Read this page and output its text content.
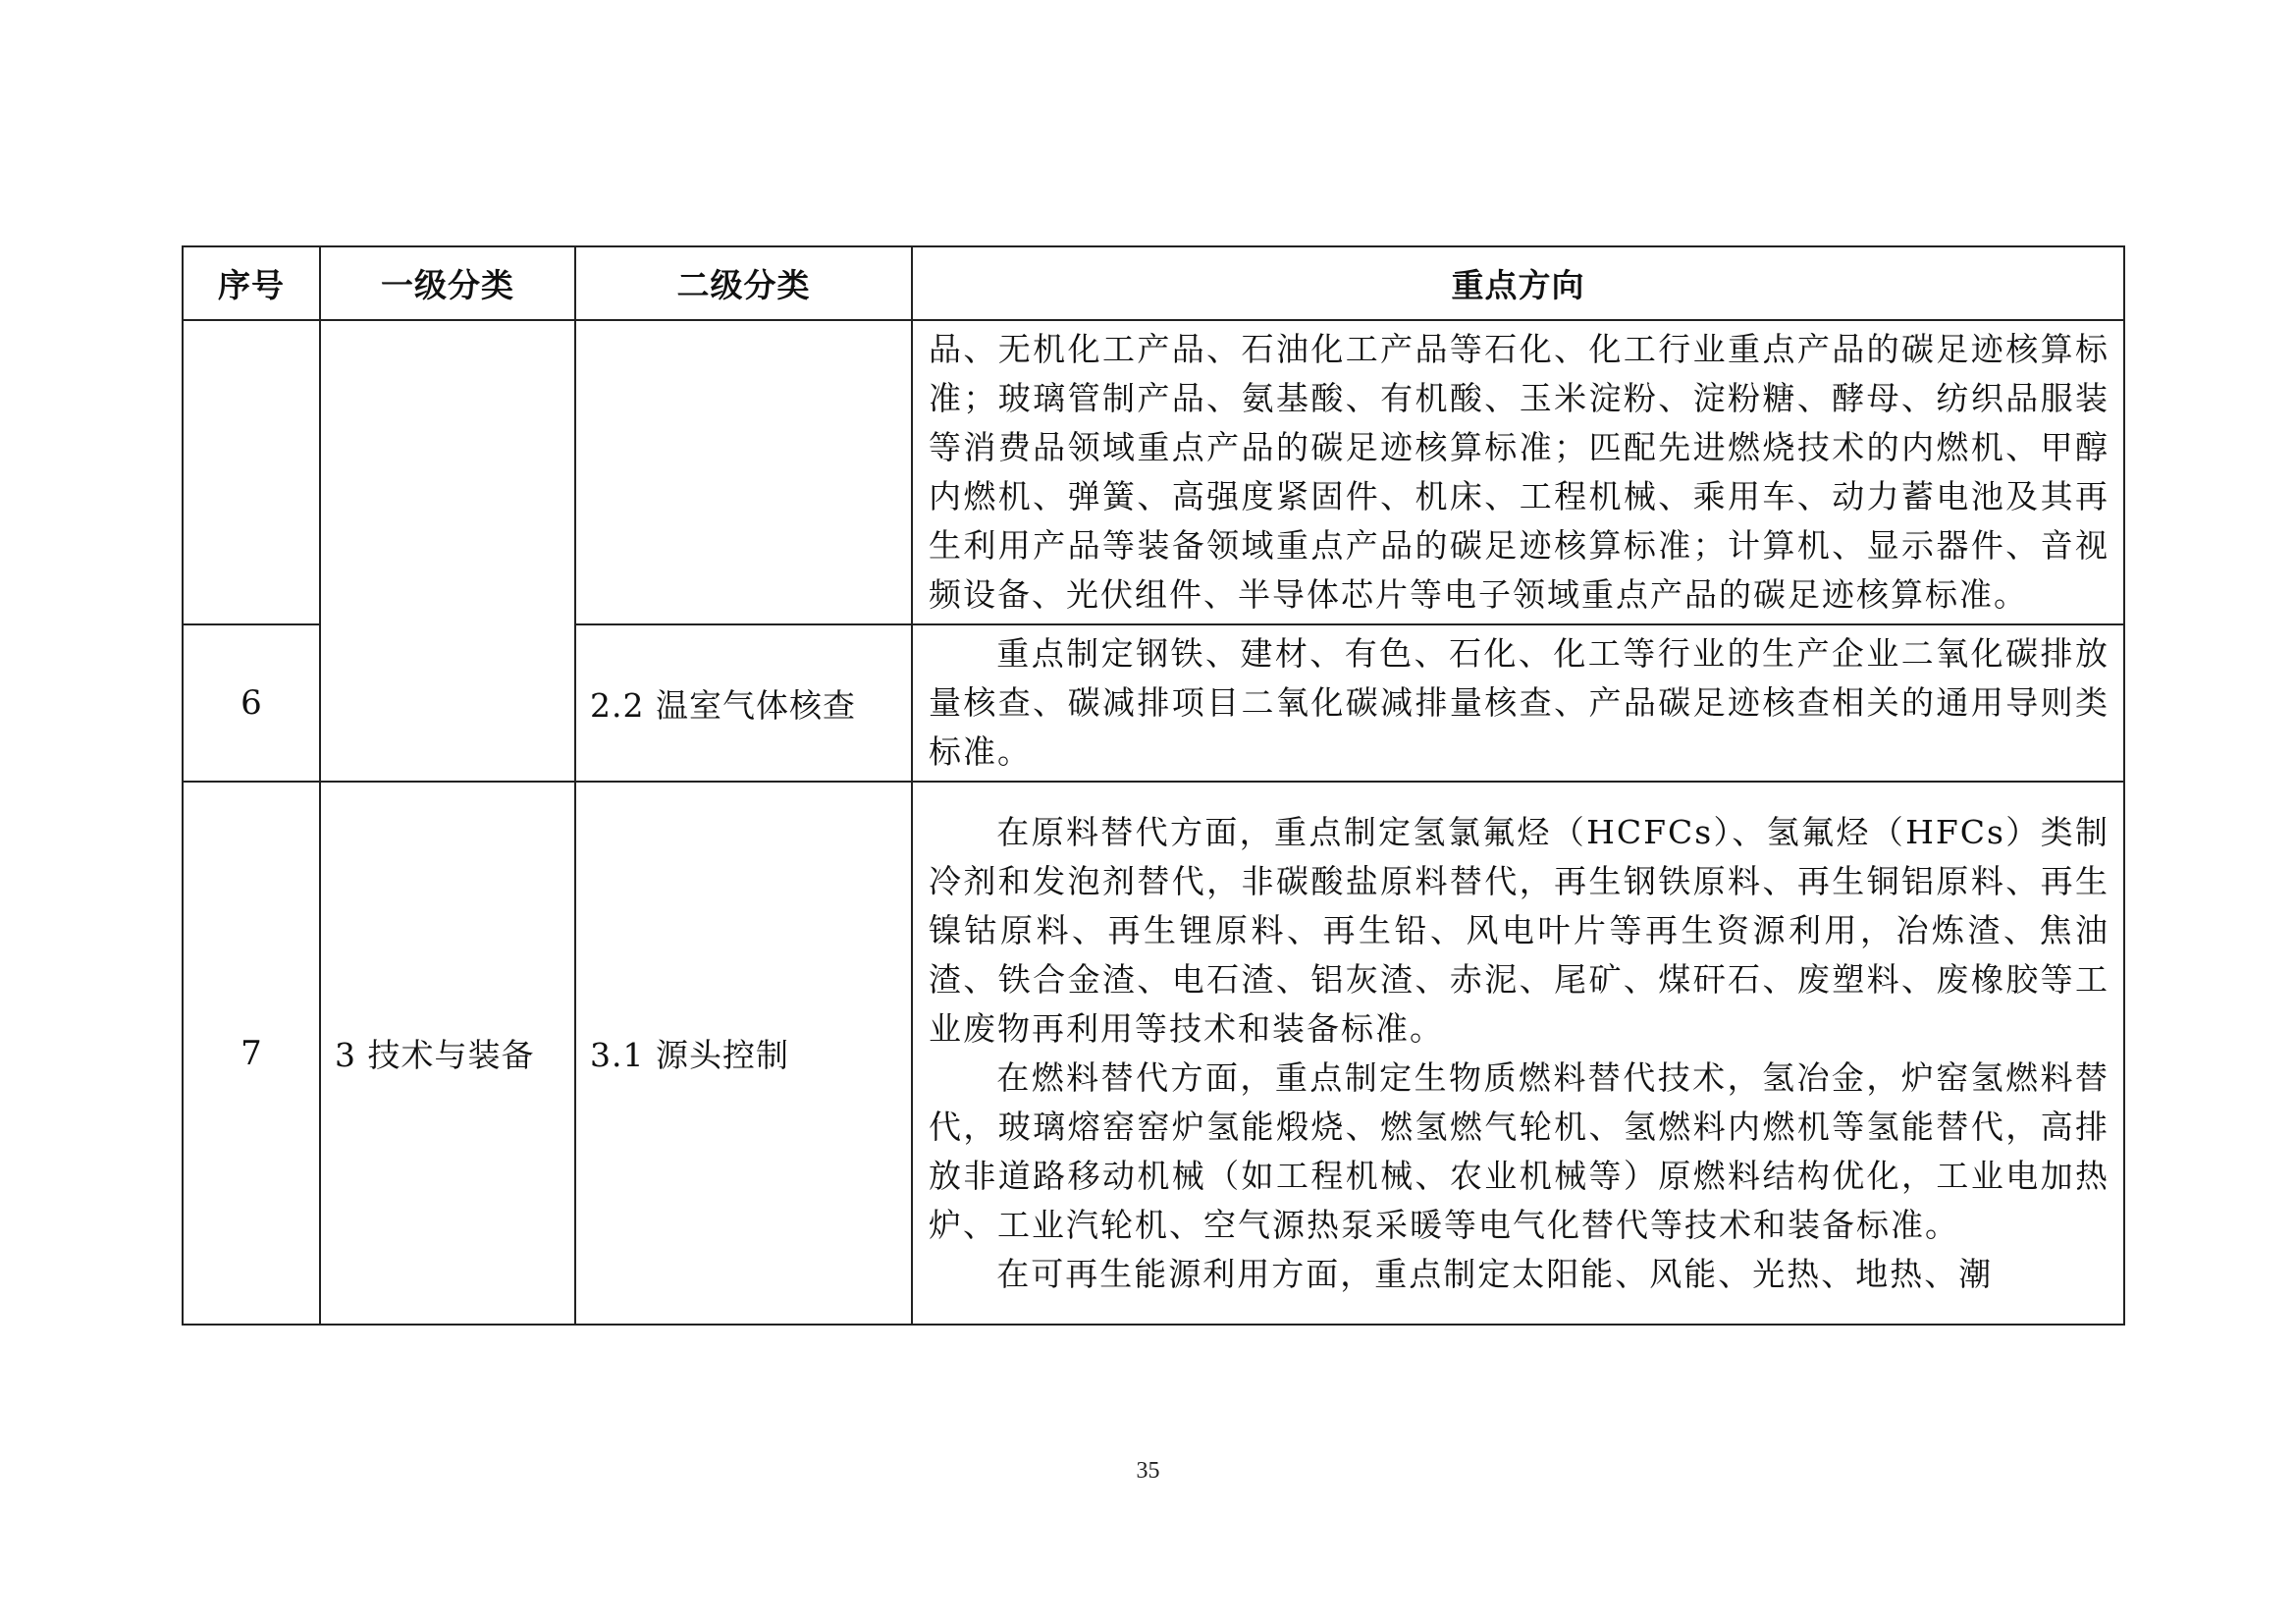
序号	一级分类	二级分类	重点方向

			品、无机化工产品、石油化工产品等石化、化工行业重点产品的碳足迹核算标准；玻璃管制产品、氨基酸、有机酸、玉米淀粉、淀粉糖、酵母、纺织品服装等消费品领域重点产品的碳足迹核算标准；匹配先进燃烧技术的内燃机、甲醇内燃机、弹簧、高强度紧固件、机床、工程机械、乘用车、动力蓄电池及其再生利用产品等装备领域重点产品的碳足迹核算标准；计算机、显示器件、音视频设备、光伏组件、半导体芯片等电子领域重点产品的碳足迹核算标准。

6		2.2 温室气体核查	重点制定钢铁、建材、有色、石化、化工等行业的生产企业二氧化碳排放量核查、碳减排项目二氧化碳减排量核查、产品碳足迹核查相关的通用导则类标准。

7	3 技术与装备	3.1 源头控制	在原料替代方面，重点制定氢氯氟烃（HCFCs）、氢氟烃（HFCs）类制冷剂和发泡剂替代，非碳酸盐原料替代，再生钢铁原料、再生铜铝原料、再生镍钴原料、再生锂原料、再生铅、风电叶片等再生资源利用，冶炼渣、焦油渣、铁合金渣、电石渣、铝灰渣、赤泥、尾矿、煤矸石、废塑料、废橡胶等工业废物再利用等技术和装备标准。

在燃料替代方面，重点制定生物质燃料替代技术，氢冶金，炉窑氢燃料替代，玻璃熔窑窑炉氢能煅烧、燃氢燃气轮机、氢燃料内燃机等氢能替代，高排放非道路移动机械（如工程机械、农业机械等）原燃料结构优化，工业电加热炉、工业汽轮机、空气源热泵采暖等电气化替代等技术和装备标准。

在可再生能源利用方面，重点制定太阳能、风能、光热、地热、潮

35
